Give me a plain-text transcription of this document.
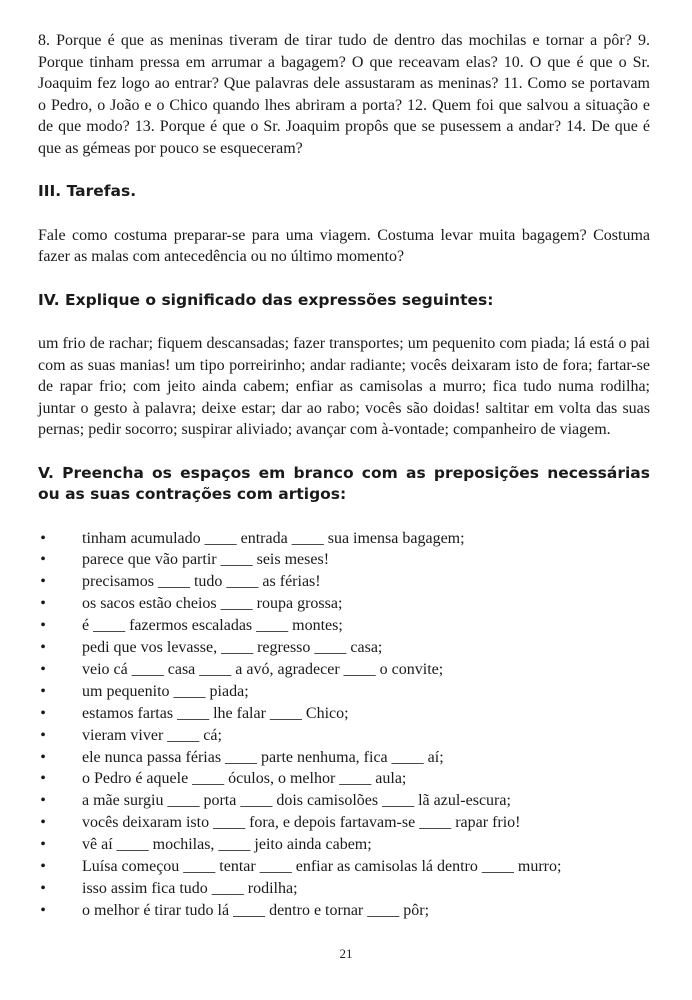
8. Porque é que as meninas tiveram de tirar tudo de dentro das mochilas e tornar a pôr? 9. Porque tinham pressa em arrumar a bagagem? O que receavam elas? 10. O que é que o Sr. Joaquim fez logo ao entrar? Que palavras dele assustaram as meninas? 11. Como se portavam o Pedro, o João e o Chico quando lhes abriram a porta? 12. Quem foi que salvou a situação e de que modo? 13. Porque é que o Sr. Joaquim propôs que se pusessem a andar? 14. De que é que as gémeas por pouco se esqueceram?

III. Tarefas.

Fale como costuma preparar-se para uma viagem. Costuma levar muita bagagem? Costuma fazer as malas com antecedência ou no último momento?

IV. Explique o significado das expressões seguintes:

um frio de rachar; fiquem descansadas; fazer transportes; um pequenito com piada; lá está o pai com as suas manias! um tipo porreirinho; andar radiante; vocês deixaram isto de fora; fartar-se de rapar frio; com jeito ainda cabem; enfiar as camisolas a murro; fica tudo numa rodilha; juntar o gesto à palavra; deixe estar; dar ao rabo; vocês são doidas! saltitar em volta das suas pernas; pedir socorro; suspirar aliviado; avançar com à-vontade; companheiro de viagem.

V. Preencha os espaços em branco com as preposições necessárias ou as suas contrações com artigos:
• tinham acumulado ____ entrada ____ sua imensa bagagem;
• parece que vão partir ____ seis meses!
• precisamos ____ tudo ____ as férias!
• os sacos estão cheios ____ roupa grossa;
• é ____ fazermos escaladas ____ montes;
• pedi que vos levasse, ____ regresso ____ casa;
• veio cá ____ casa ____ a avó, agradecer ____ o convite;
• um pequenito ____ piada;
• estamos fartas ____ lhe falar ____ Chico;
• vieram viver ____ cá;
• ele nunca passa férias ____ parte nenhuma, fica ____ aí;
• o Pedro é aquele ____ óculos, o melhor ____ aula;
• a mãe surgiu ____ porta ____ dois camisolões ____ lã azul-escura;
• vocês deixaram isto ____ fora, e depois fartavam-se ____ rapar frio!
• vê aí ____ mochilas, ____ jeito ainda cabem;
• Luísa começou ____ tentar ____ enfiar as camisolas lá dentro ____ murro;
• isso assim fica tudo ____ rodilha;
• o melhor é tirar tudo lá ____ dentro e tornar ____ pôr;
21
